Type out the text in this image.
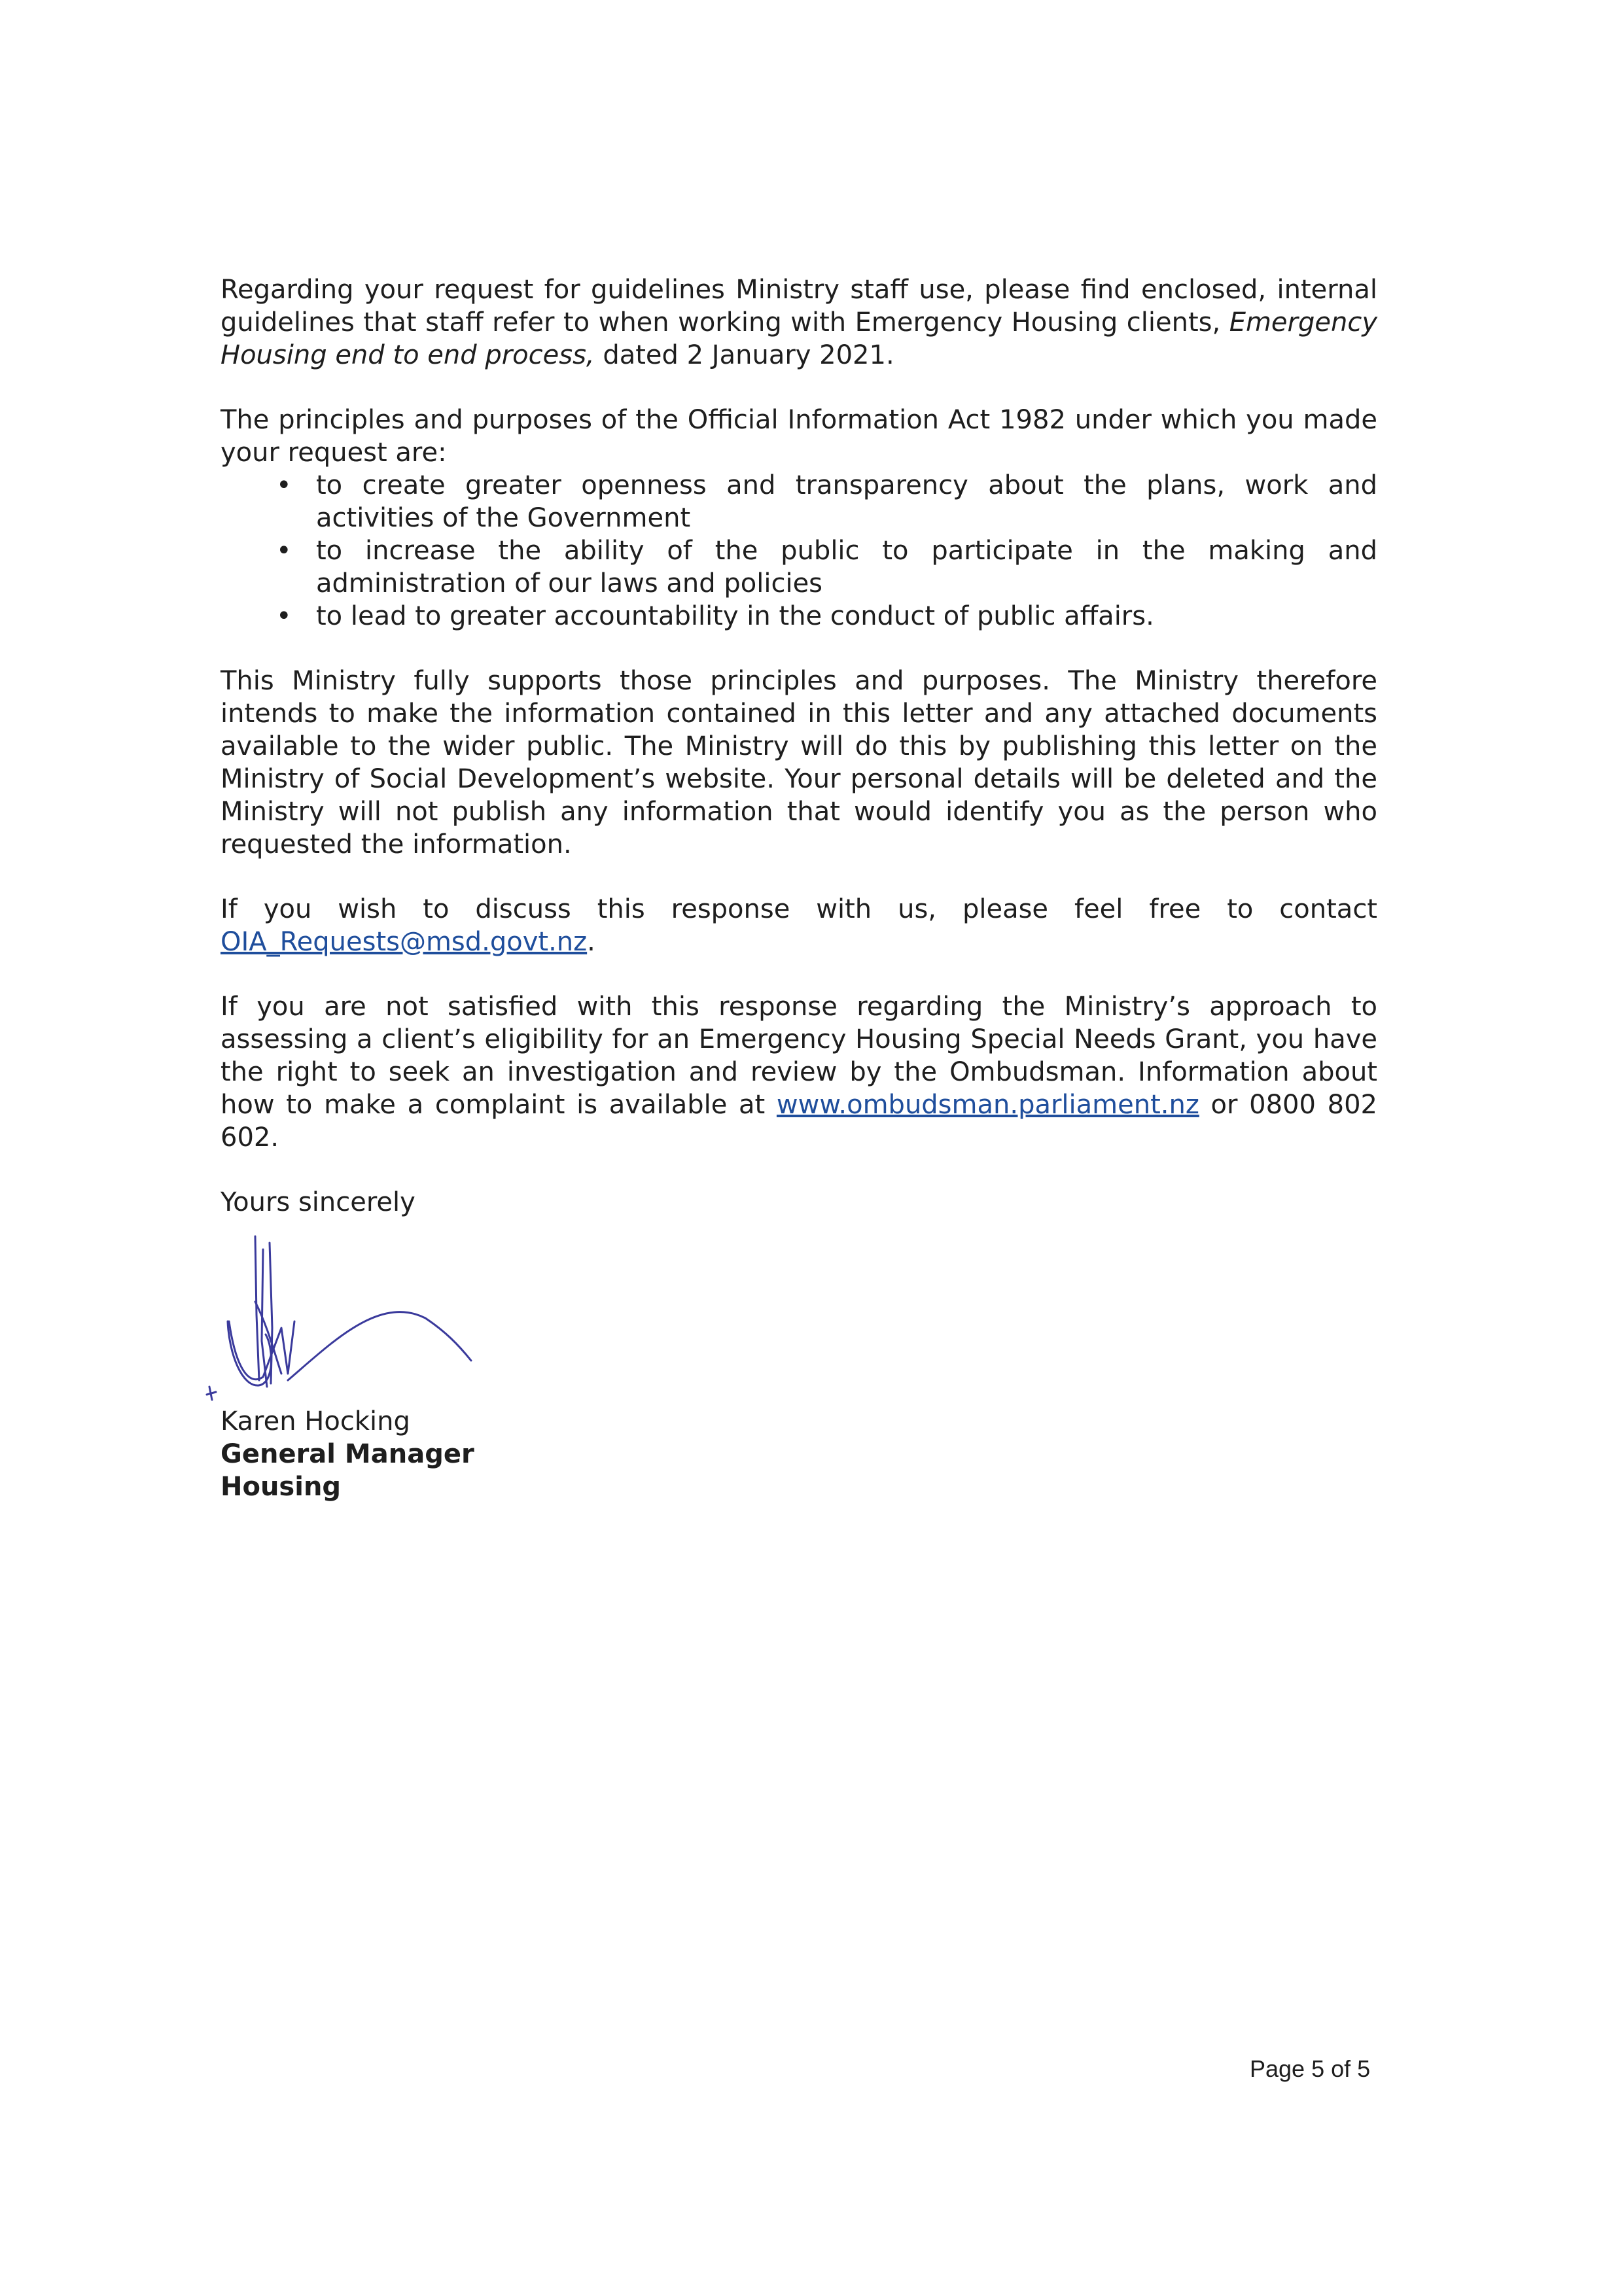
Regarding your request for guidelines Ministry staff use, please find enclosed, internal guidelines that staff refer to when working with Emergency Housing clients, Emergency Housing end to end process, dated 2 January 2021.

The principles and purposes of the Official Information Act 1982 under which you made your request are:

• to create greater openness and transparency about the plans, work and activities of the Government
• to increase the ability of the public to participate in the making and administration of our laws and policies
• to lead to greater accountability in the conduct of public affairs.

This Ministry fully supports those principles and purposes. The Ministry therefore intends to make the information contained in this letter and any attached documents available to the wider public. The Ministry will do this by publishing this letter on the Ministry of Social Development’s website. Your personal details will be deleted and the Ministry will not publish any information that would identify you as the person who requested the information.

If you wish to discuss this response with us, please feel free to contact OIA_Requests@msd.govt.nz.

If you are not satisfied with this response regarding the Ministry’s approach to assessing a client’s eligibility for an Emergency Housing Special Needs Grant, you have the right to seek an investigation and review by the Ombudsman. Information about how to make a complaint is available at www.ombudsman.parliament.nz or 0800 802 602.

Yours sincerely

Karen Hocking
General Manager
Housing
Page 5 of 5
